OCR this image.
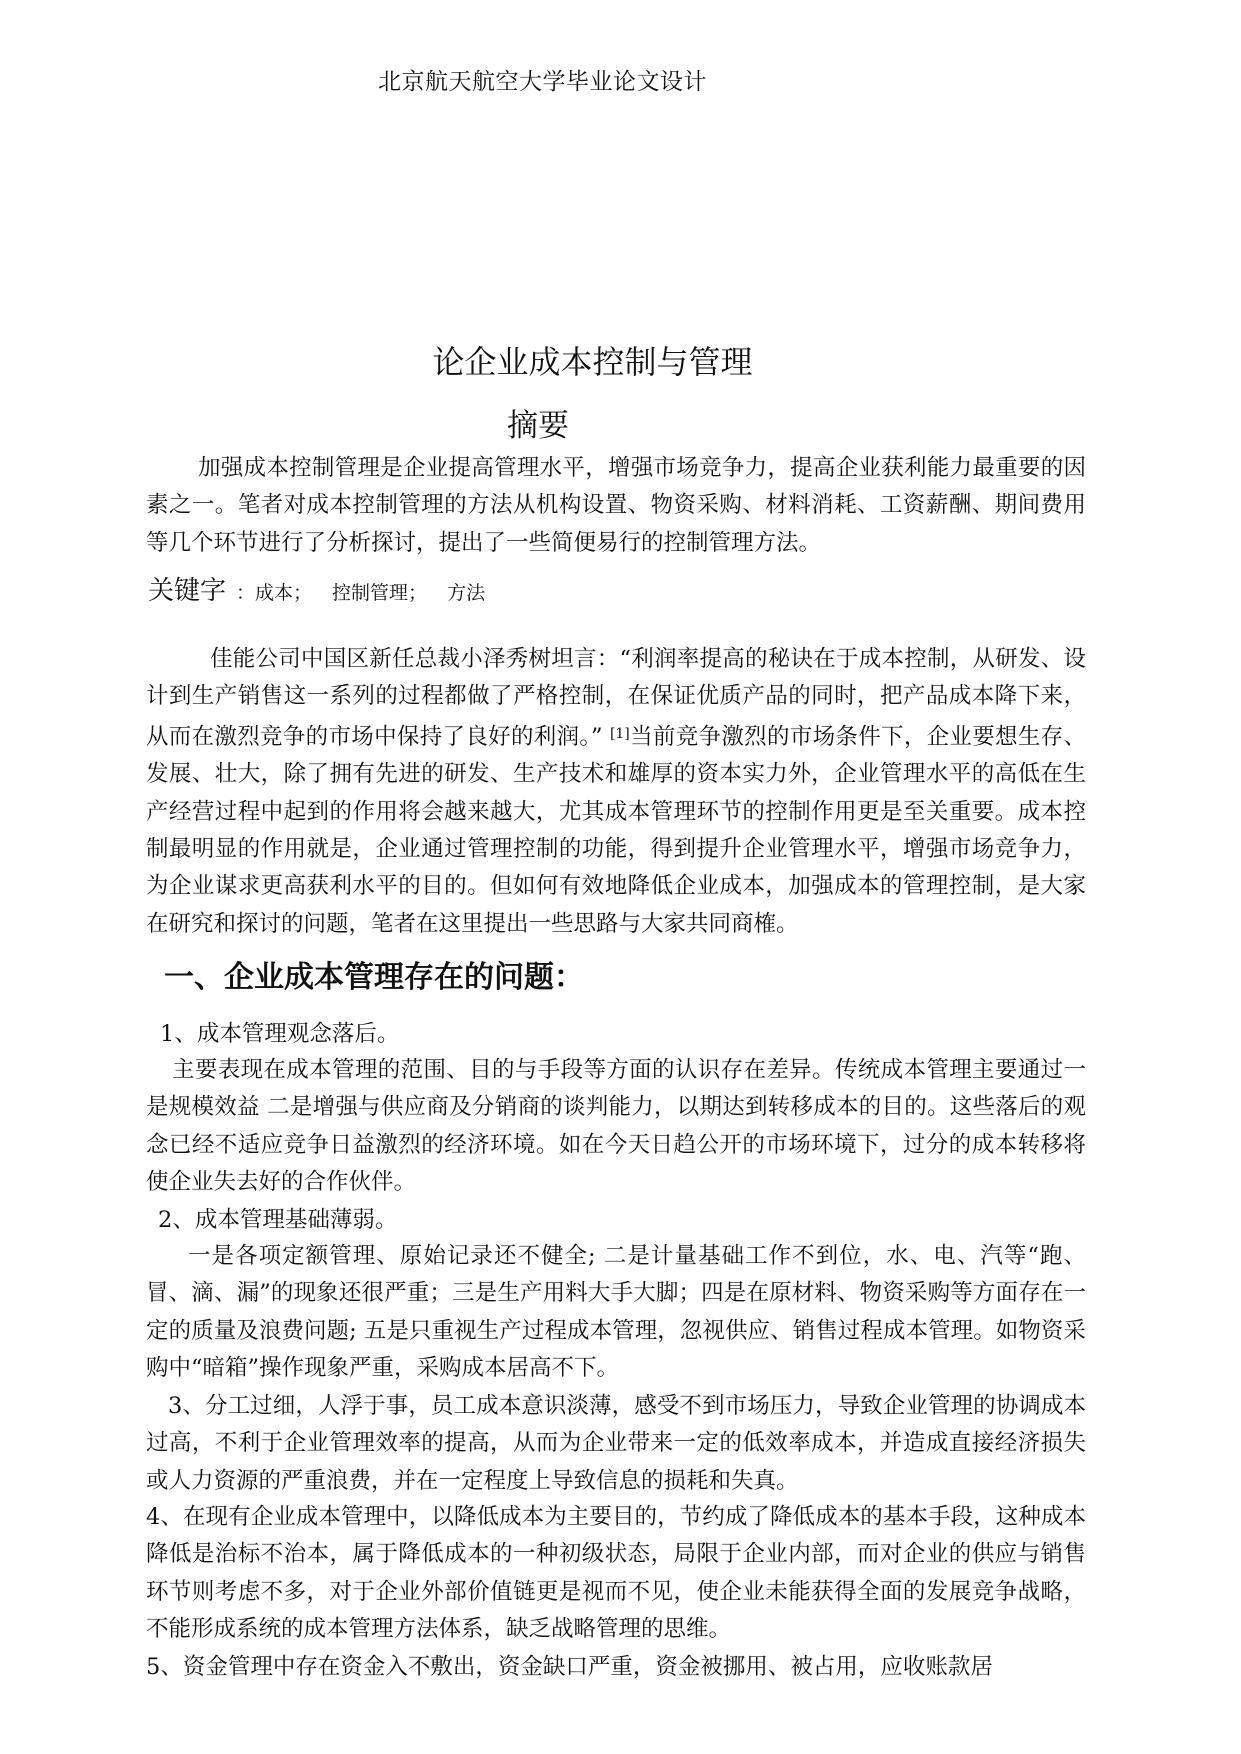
北京航天航空大学毕业论文设计
论企业成本控制与管理
摘要

加强成本控制管理是企业提高管理水平，增强市场竞争力，提高企业获利能力最重要的因素之一。笔者对成本控制管理的方法从机构设置、物资采购、材料消耗、工资薪酬、期间费用等几个环节进行了分析探讨，提出了一些简便易行的控制管理方法。

关键字 ：成本； 控制管理； 方法

佳能公司中国区新任总裁小泽秀树坦言：“利润率提高的秘诀在于成本控制，从研发、设计到生产销售这一系列的过程都做了严格控制，在保证优质产品的同时，把产品成本降下来，从而在激烈竞争的市场中保持了良好的利润。” [1]当前竞争激烈的市场条件下，企业要想生存、发展、壮大，除了拥有先进的研发、生产技术和雄厚的资本实力外，企业管理水平的高低在生产经营过程中起到的作用将会越来越大，尤其成本管理环节的控制作用更是至关重要。成本控制最明显的作用就是，企业通过管理控制的功能，得到提升企业管理水平，增强市场竞争力，为企业谋求更高获利水平的目的。但如何有效地降低企业成本，加强成本的管理控制，是大家在研究和探讨的问题，笔者在这里提出一些思路与大家共同商榷。

一、企业成本管理存在的问题：
1、成本管理观念落后。

主要表现在成本管理的范围、目的与手段等方面的认识存在差异。传统成本管理主要通过一是规模效益 二是增强与供应商及分销商的谈判能力，以期达到转移成本的目的。这些落后的观念已经不适应竞争日益激烈的经济环境。如在今天日趋公开的市场环境下，过分的成本转移将使企业失去好的合作伙伴。

2、成本管理基础薄弱。

一是各项定额管理、原始记录还不健全; 二是计量基础工作不到位，水、电、汽等“跑、冒、滴、漏”的现象还很严重；三是生产用料大手大脚；四是在原材料、物资采购等方面存在一定的质量及浪费问题; 五是只重视生产过程成本管理，忽视供应、销售过程成本管理。如物资采购中“暗箱”操作现象严重，采购成本居高不下。

3、分工过细，人浮于事，员工成本意识淡薄，感受不到市场压力，导致企业管理的协调成本过高，不利于企业管理效率的提高，从而为企业带来一定的低效率成本，并造成直接经济损失或人力资源的严重浪费，并在一定程度上导致信息的损耗和失真。

4、在现有企业成本管理中，以降低成本为主要目的，节约成了降低成本的基本手段，这种成本降低是治标不治本，属于降低成本的一种初级状态，局限于企业内部，而对企业的供应与销售环节则考虑不多，对于企业外部价值链更是视而不见，使企业未能获得全面的发展竞争战略，不能形成系统的成本管理方法体系，缺乏战略管理的思维。

5、资金管理中存在资金入不敷出，资金缺口严重，资金被挪用、被占用，应收账款居
